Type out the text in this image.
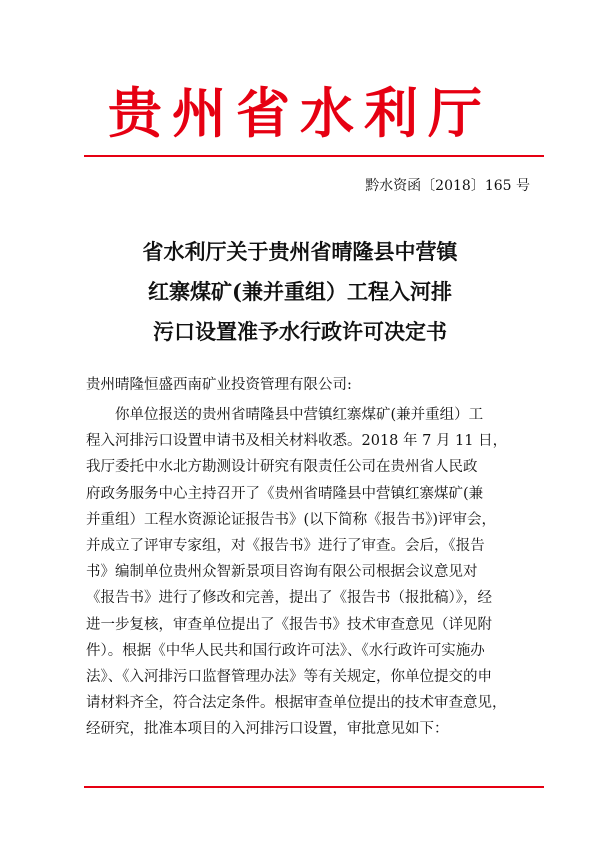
贵州省水利厅
黔水资函〔2018〕165 号
省水利厅关于贵州省晴隆县中营镇
红寨煤矿(兼并重组）工程入河排
污口设置准予水行政许可决定书
贵州晴隆恒盛西南矿业投资管理有限公司:
　　你单位报送的贵州省晴隆县中营镇红寨煤矿(兼并重组）工
程入河排污口设置申请书及相关材料收悉。2018 年 7 月 11 日，
我厅委托中水北方勘测设计研究有限责任公司在贵州省人民政
府政务服务中心主持召开了《贵州省晴隆县中营镇红寨煤矿(兼
并重组）工程水资源论证报告书》(以下简称《报告书》)评审会，
并成立了评审专家组，对《报告书》进行了审查。会后，《报告
书》编制单位贵州众智新景项目咨询有限公司根据会议意见对
《报告书》进行了修改和完善，提出了《报告书（报批稿）》，经
进一步复核，审查单位提出了《报告书》技术审查意见（详见附
件）。根据《中华人民共和国行政许可法》、《水行政许可实施办
法》、《入河排污口监督管理办法》等有关规定，你单位提交的申
请材料齐全，符合法定条件。根据审查单位提出的技术审查意见，
经研究，批准本项目的入河排污口设置，审批意见如下：
